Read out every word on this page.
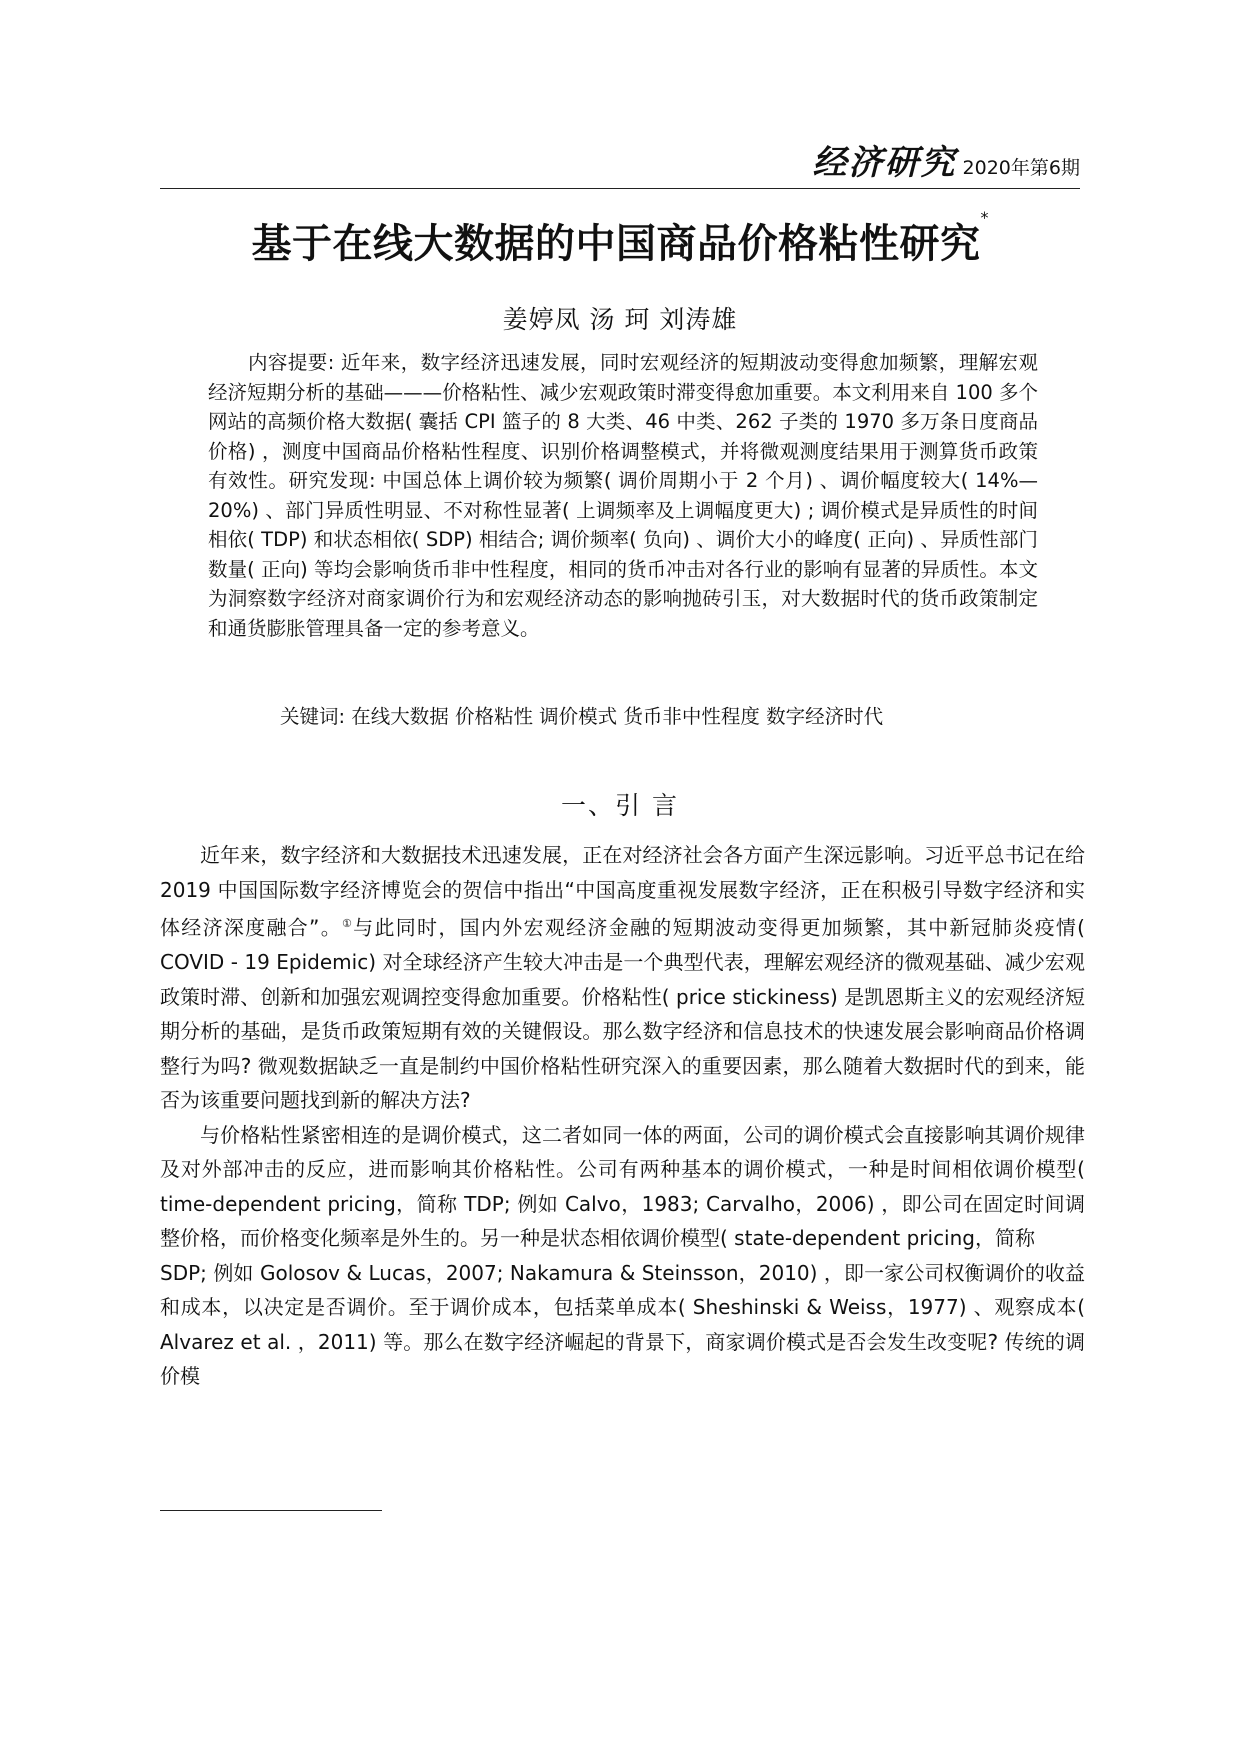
经济研究 2020年第6期
基于在线大数据的中国商品价格粘性研究*
姜婷凤 汤 珂 刘涛雄
内容提要: 近年来，数字经济迅速发展，同时宏观经济的短期波动变得愈加频繁，理解宏观经济短期分析的基础———价格粘性、减少宏观政策时滞变得愈加重要。本文利用来自 100 多个网站的高频价格大数据( 囊括 CPI 篮子的 8 大类、46 中类、262 子类的 1970 多万条日度商品价格) ，测度中国商品价格粘性程度、识别价格调整模式，并将微观测度结果用于测算货币政策有效性。研究发现: 中国总体上调价较为频繁( 调价周期小于 2 个月) 、调价幅度较大( 14%—20%) 、部门异质性明显、不对称性显著( 上调频率及上调幅度更大) ; 调价模式是异质性的时间相依( TDP) 和状态相依( SDP) 相结合; 调价频率( 负向) 、调价大小的峰度( 正向) 、异质性部门数量( 正向) 等均会影响货币非中性程度，相同的货币冲击对各行业的影响有显著的异质性。本文为洞察数字经济对商家调价行为和宏观经济动态的影响抛砖引玉，对大数据时代的货币政策制定和通货膨胀管理具备一定的参考意义。
关键词: 在线大数据 价格粘性 调价模式 货币非中性程度 数字经济时代
一、引 言

近年来，数字经济和大数据技术迅速发展，正在对经济社会各方面产生深远影响。习近平总书记在给 2019 中国国际数字经济博览会的贺信中指出“中国高度重视发展数字经济，正在积极引导数字经济和实体经济深度融合”。①与此同时，国内外宏观经济金融的短期波动变得更加频繁，其中新冠肺炎疫情( COVID - 19 Epidemic) 对全球经济产生较大冲击是一个典型代表，理解宏观经济的微观基础、减少宏观政策时滞、创新和加强宏观调控变得愈加重要。价格粘性( price stickiness) 是凯恩斯主义的宏观经济短期分析的基础，是货币政策短期有效的关键假设。那么数字经济和信息技术的快速发展会影响商品价格调整行为吗? 微观数据缺乏一直是制约中国价格粘性研究深入的重要因素，那么随着大数据时代的到来，能否为该重要问题找到新的解决方法?

与价格粘性紧密相连的是调价模式，这二者如同一体的两面，公司的调价模式会直接影响其调价规律及对外部冲击的反应，进而影响其价格粘性。公司有两种基本的调价模式，一种是时间相依调价模型( time-dependent pricing，简称 TDP; 例如 Calvo，1983; Carvalho，2006) ，即公司在固定时间调整价格，而价格变化频率是外生的。另一种是状态相依调价模型( state-dependent pricing，简称

SDP; 例如 Golosov & Lucas，2007; Nakamura & Steinsson，2010) ，即一家公司权衡调价的收益和成本，以决定是否调价。至于调价成本，包括菜单成本( Sheshinski & Weiss，1977) 、观察成本( Alvarez et al. ，2011) 等。那么在数字经济崛起的背景下，商家调价模式是否会发生改变呢? 传统的调价模
